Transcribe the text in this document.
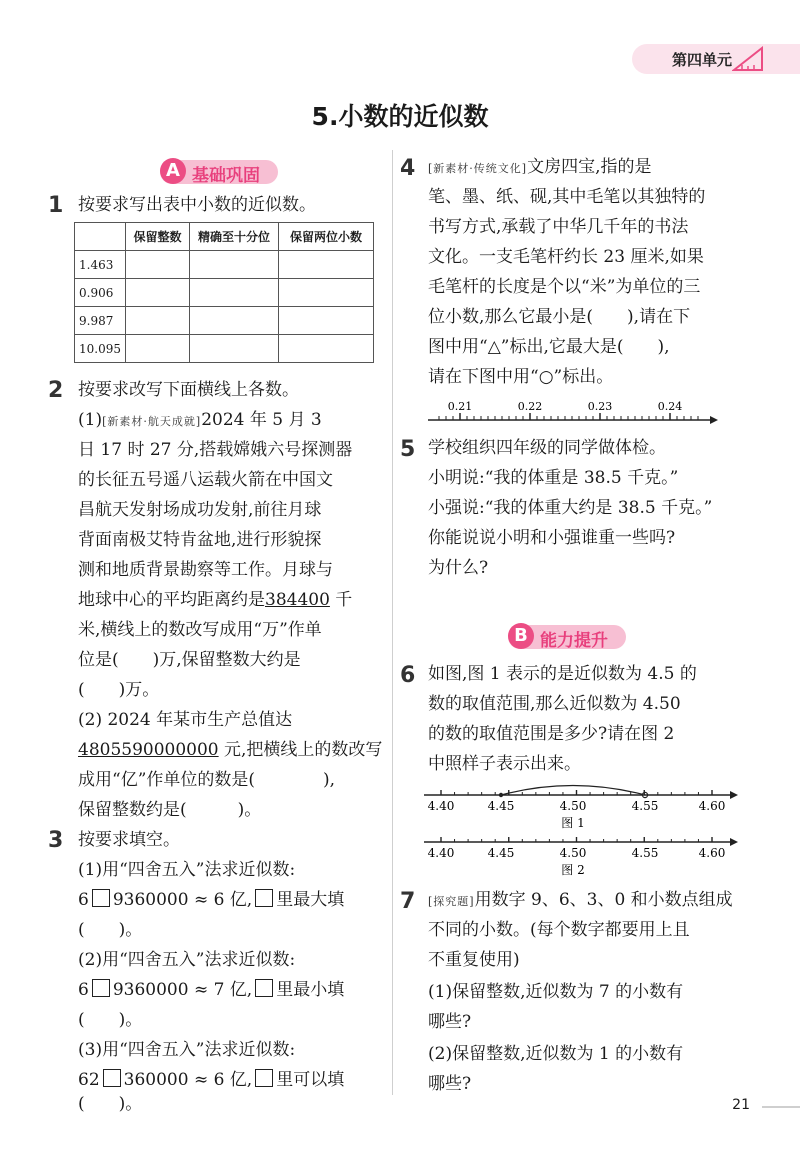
第四单元
5.小数的近似数
A 基础巩固
1 按要求写出表中小数的近似数。
	保留整数	精确至十分位	保留两位小数
1.463			
0.906			
9.987			
10.095			
2 按要求改写下面横线上各数。
(1)[新素材·航天成就]2024 年 5 月 3
日 17 时 27 分,搭载嫦娥六号探测器
的长征五号遥八运载火箭在中国文
昌航天发射场成功发射,前往月球
背面南极艾特肯盆地,进行形貌探
测和地质背景勘察等工作。月球与
地球中心的平均距离约是384400 千
米,横线上的数改写成用“万”作单
位是(　　)万,保留整数大约是
(　　)万。
(2) 2024 年某市生产总值达
4805590000000 元,把横线上的数改写
成用“亿”作单位的数是(　　　　),
保留整数约是(　　　)。
3 按要求填空。
(1)用“四舍五入”法求近似数:
6 9360000 ≈ 6 亿, 里最大填
(　　)。
(2)用“四舍五入”法求近似数:
6 9360000 ≈ 7 亿, 里最小填
(　　)。
(3)用“四舍五入”法求近似数:
62 360000 ≈ 6 亿, 里可以填
(　　)。
4 [新素材·传统文化]文房四宝,指的是
笔、墨、纸、砚,其中毛笔以其独特的
书写方式,承载了中华几千年的书法
文化。一支毛笔杆约长 23 厘米,如果
毛笔杆的长度是个以“米”为单位的三
位小数,那么它最小是(　　),请在下
图中用“△”标出,它最大是(　　),
请在下图中用“○”标出。
0.21	0.22	0.23	0.24
5 学校组织四年级的同学做体检。
小明说:“我的体重是 38.5 千克。”
小强说:“我的体重大约是 38.5 千克。”
你能说说小明和小强谁重一些吗?
为什么?
B 能力提升
6 如图,图 1 表示的是近似数为 4.5 的
数的取值范围,那么近似数为 4.50
的数的取值范围是多少?请在图 2
中照样子表示出来。
4.40	4.45	4.50	4.55	4.60
图 1
4.40	4.45	4.50	4.55	4.60
图 2
7 [探究题]用数字 9、6、3、0 和小数点组成
不同的小数。(每个数字都要用上且
不重复使用)
(1)保留整数,近似数为 7 的小数有
哪些?
(2)保留整数,近似数为 1 的小数有
哪些?
21
